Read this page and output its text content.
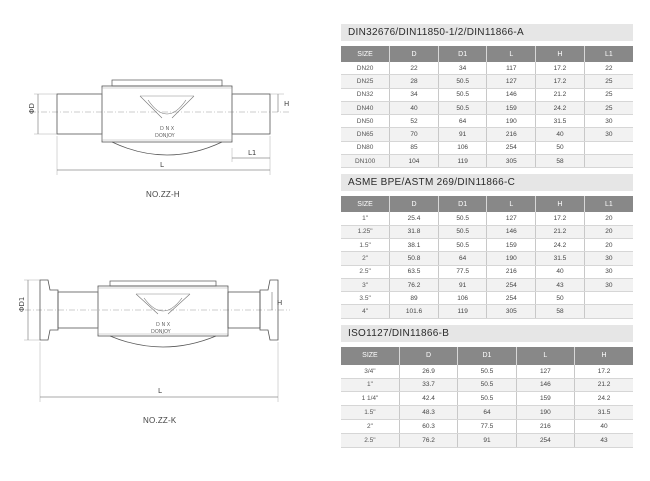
D N X
DONJOY
ΦD	H
L1
L
NO.ZZ-H
D N X
DONJOY
ΦD1	H
L
NO.ZZ-K
DIN32676/DIN11850-1/2/DIN11866-A
SIZE	D	D1	L	H	L1
DN20	22	34	117	17.2	22
DN25	28	50.5	127	17.2	25
DN32	34	50.5	146	21.2	25
DN40	40	50.5	159	24.2	25
DN50	52	64	190	31.5	30
DN65	70	91	216	40	30
DN80	85	106	254	50	
DN100	104	119	305	58	
ASME BPE/ASTM 269/DIN11866-C
SIZE	D	D1	L	H	L1
1"	25.4	50.5	127	17.2	20
1.25"	31.8	50.5	146	21.2	20
1.5"	38.1	50.5	159	24.2	20
2"	50.8	64	190	31.5	30
2.5"	63.5	77.5	216	40	30
3"	76.2	91	254	43	30
3.5"	89	106	254	50	
4"	101.6	119	305	58	
ISO1127/DIN11866-B
SIZE	D	D1	L	H
3/4"	26.9	50.5	127	17.2
1"	33.7	50.5	146	21.2
1 1/4"	42.4	50.5	159	24.2
1.5"	48.3	64	190	31.5
2"	60.3	77.5	216	40
2.5"	76.2	91	254	43
